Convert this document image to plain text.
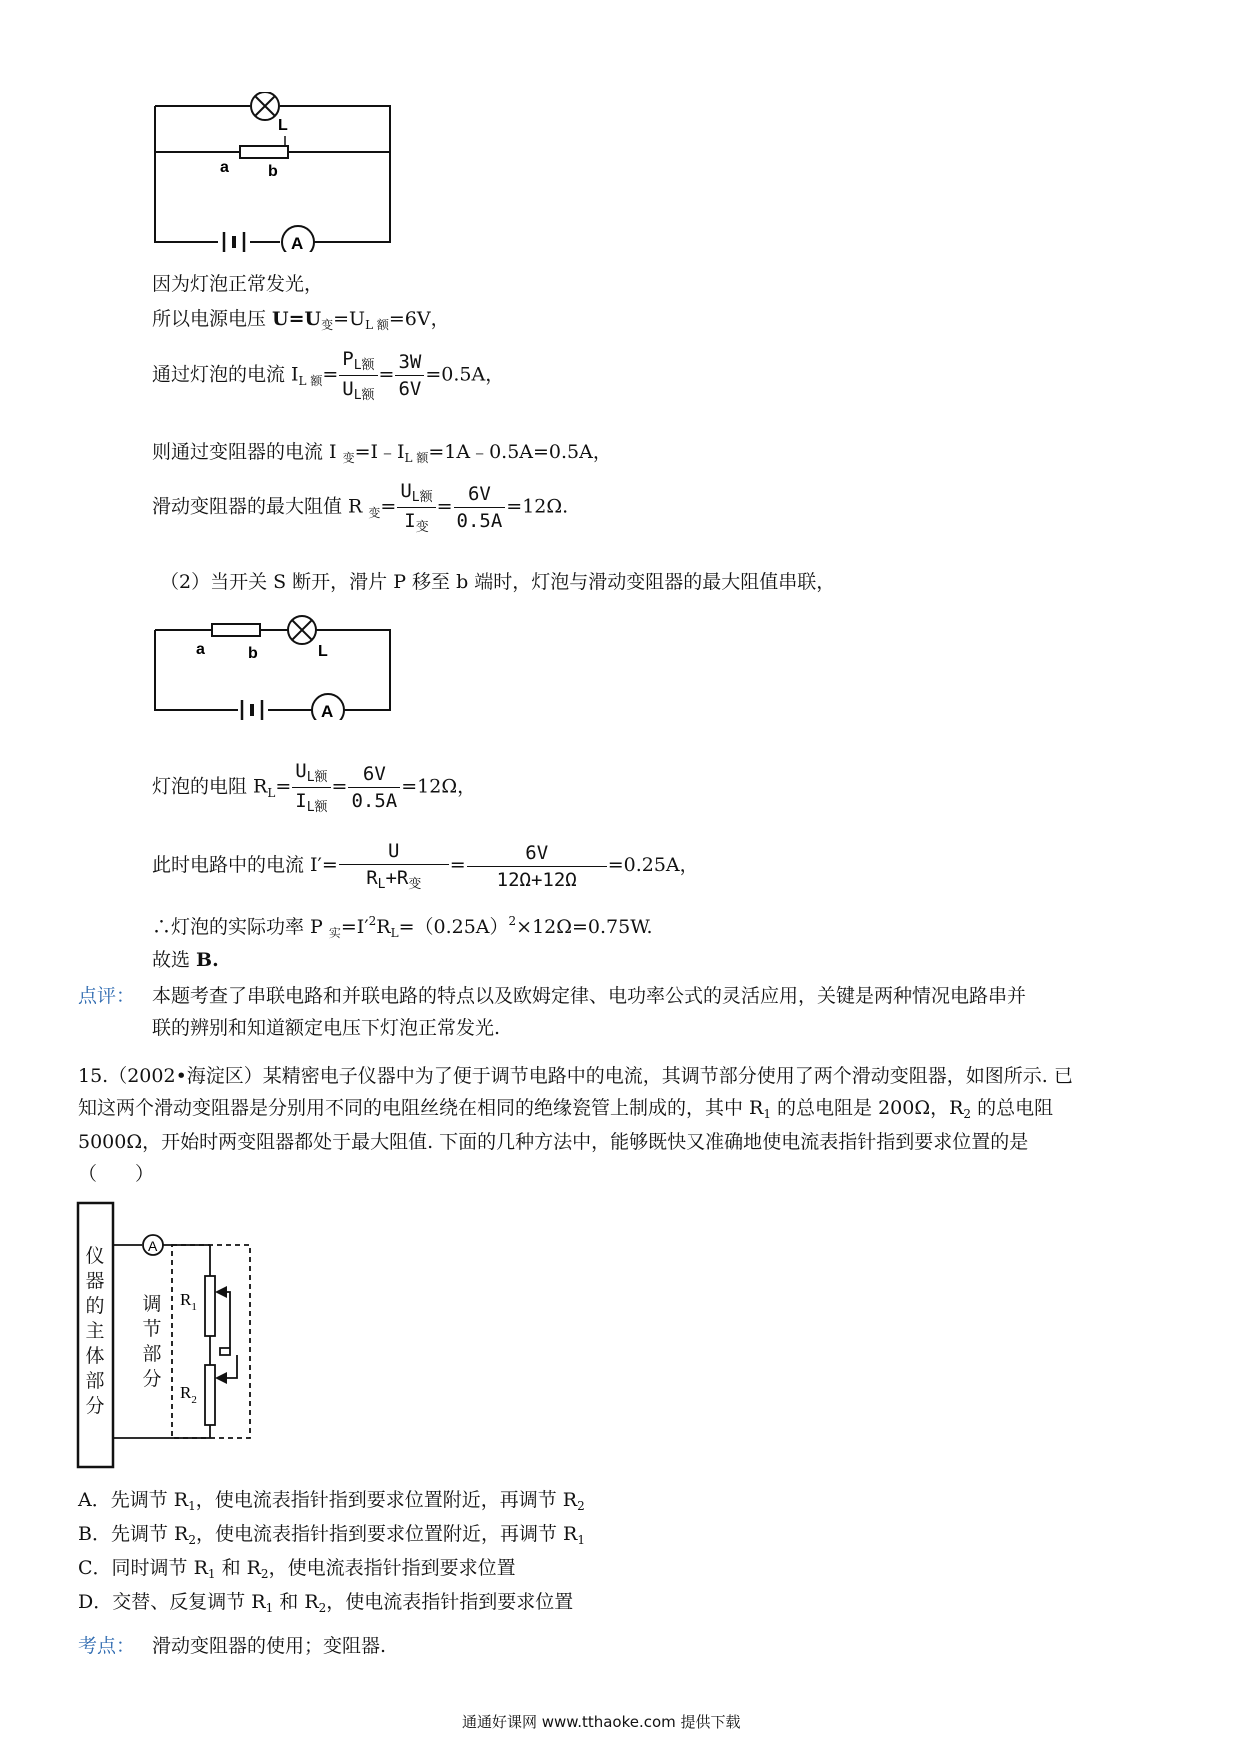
L
a b
A
因为灯泡正常发光，
所以电源电压 $U=U_变=U_{L 额}=6V$，
通过灯泡的电流 $I_{L 额}= \frac{P_{L额}}{U_{L额}} = \frac{3W}{6V} =0.5A$，
则通过变阻器的电流 I $_变=I﹣I_{L 额}=1A﹣0.5A=0.5A$，
滑动变阻器的最大阻值 R $_变= \frac{U_{L额}}{I_变} = \frac{6V}{0.5A} =12\Omega$.
（2）当开关 S 断开，滑片 P 移至 b 端时，灯泡与滑动变阻器的最大阻值串联，
a	b	L
A
灯泡的电阻 $R_L= \frac{U_{L额}}{I_{L额}} = \frac{6V}{0.5A} =12\Omega$，
此时电路中的电流 $I'= \frac{U}{R_L+R_变} = \frac{6V}{12\Omega+12\Omega} =0.25A$，
∴灯泡的实际功率 P $_实=I'^2R_L=(0.25A)^2\times 12\Omega=0.75W$.
故选 B.
点评： 本题考查了串联电路和并联电路的特点以及欧姆定律、电功率公式的灵活应用，关键是两种情况电路串并
联的辨别和知道额定电压下灯泡正常发光.
15.（2002•海淀区）某精密电子仪器中为了便于调节电路中的电流，其调节部分使用了两个滑动变阻器，如图所示. 已
知这两个滑动变阻器是分别用不同的电阻丝绕在相同的绝缘瓷管上制成的，其中 $R_1$ 的总电阻是 200Ω，$R_2$ 的总电阻
5000Ω，开始时两变阻器都处于最大阻值. 下面的几种方法中，能够既快又准确地使电流表指针指到要求位置的是
（　　）
仪
器
的
主
体
部
分
调
节
部
分
A
$R_1$
$R_2$
A．先调节 $R_1$，使电流表指针指到要求位置附近，再调节 $R_2$
B．先调节 $R_2$，使电流表指针指到要求位置附近，再调节 $R_1$
C．同时调节 $R_1$ 和 $R_2$，使电流表指针指到要求位置
D．交替、反复调节 $R_1$ 和 $R_2$，使电流表指针指到要求位置
考点： 滑动变阻器的使用；变阻器.
通通好课网 www.tthaoke.com 提供下载
